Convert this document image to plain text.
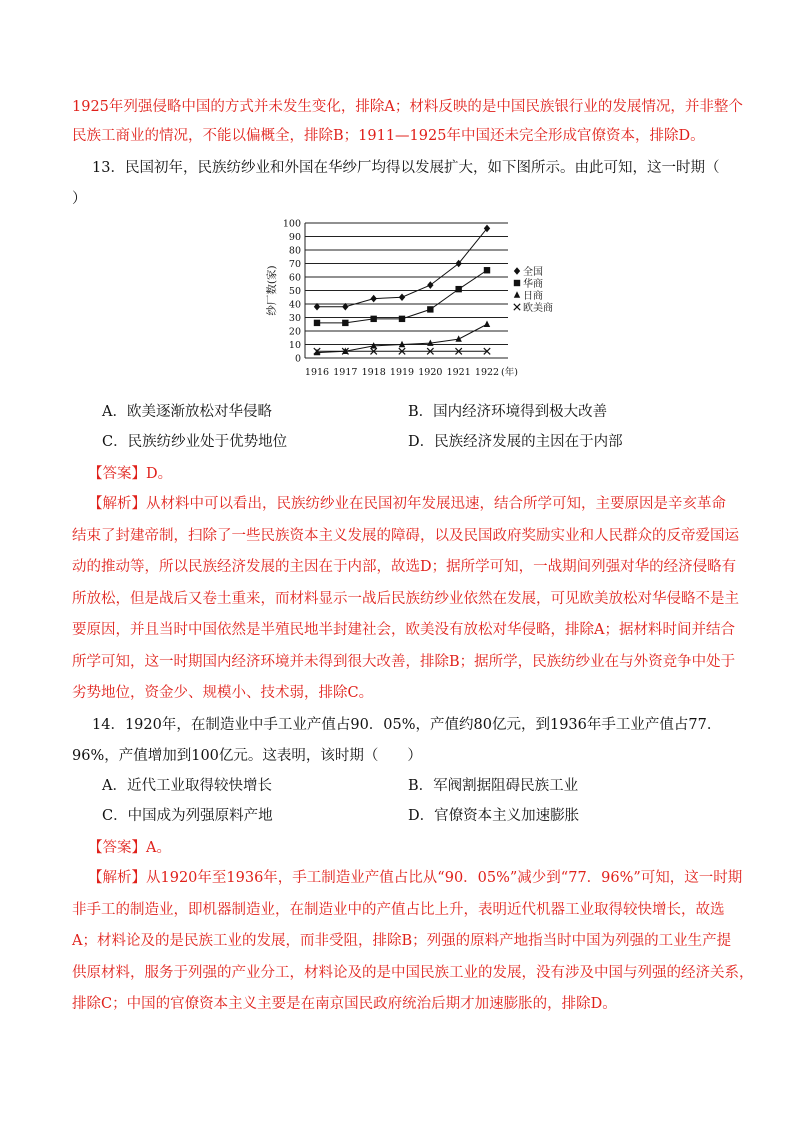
1925年列强侵略中国的方式并未发生变化，排除A；材料反映的是中国民族银行业的发展情况，并非整个
民族工商业的情况，不能以偏概全，排除B；1911—1925年中国还未完全形成官僚资本，排除D。
13．民国初年，民族纺纱业和外国在华纱厂均得以发展扩大，如下图所示。由此可知，这一时期（
）
0
10
20
30
40
50
60
70
80
90
100
纱厂数(家)
1916 1917 1918 1919 1920 1921 1922 (年)
全国
华商
日商
欧美商
A．欧美逐渐放松对华侵略	B．国内经济环境得到极大改善
C．民族纺纱业处于优势地位	D．民族经济发展的主因在于内部
【答案】D。
【解析】从材料中可以看出，民族纺纱业在民国初年发展迅速，结合所学可知，主要原因是辛亥革命
结束了封建帝制，扫除了一些民族资本主义发展的障碍，以及民国政府奖励实业和人民群众的反帝爱国运
动的推动等，所以民族经济发展的主因在于内部，故选D；据所学可知，一战期间列强对华的经济侵略有
所放松，但是战后又卷土重来，而材料显示一战后民族纺纱业依然在发展，可见欧美放松对华侵略不是主
要原因，并且当时中国依然是半殖民地半封建社会，欧美没有放松对华侵略，排除A；据材料时间并结合
所学可知，这一时期国内经济环境并未得到很大改善，排除B；据所学，民族纺纱业在与外资竞争中处于
劣势地位，资金少、规模小、技术弱，排除C。
14．1920年，在制造业中手工业产值占90．05%，产值约80亿元，到1936年手工业产值占77．
96%，产值增加到100亿元。这表明，该时期（　　）
A．近代工业取得较快增长	B．军阀割据阻碍民族工业
C．中国成为列强原料产地	D．官僚资本主义加速膨胀
【答案】A。
【解析】从1920年至1936年，手工制造业产值占比从“90．05%”减少到“77．96%”可知，这一时期
非手工的制造业，即机器制造业，在制造业中的产值占比上升，表明近代机器工业取得较快增长，故选
A；材料论及的是民族工业的发展，而非受阻，排除B；列强的原料产地指当时中国为列强的工业生产提
供原材料，服务于列强的产业分工，材料论及的是中国民族工业的发展，没有涉及中国与列强的经济关系，
排除C；中国的官僚资本主义主要是在南京国民政府统治后期才加速膨胀的，排除D。
